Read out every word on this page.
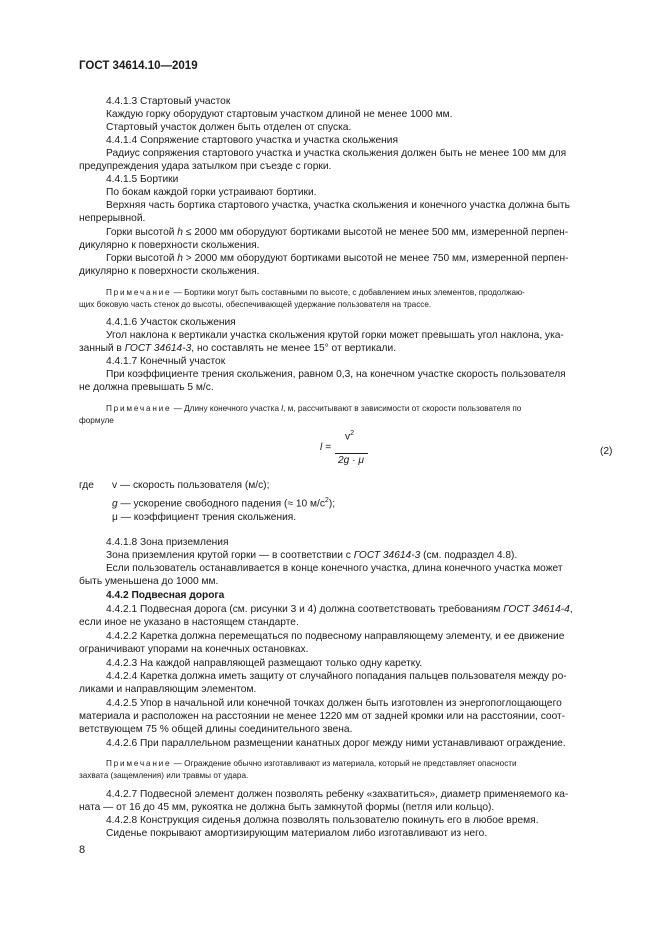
ГОСТ 34614.10—2019
4.4.1.3 Стартовый участок
Каждую горку оборудуют стартовым участком длиной не менее 1000 мм.
Стартовый участок должен быть отделен от спуска.
4.4.1.4 Сопряжение стартового участка и участка скольжения
Радиус сопряжения стартового участка и участка скольжения должен быть не менее 100 мм для
предупреждения удара затылком при съезде с горки.
4.4.1.5 Бортики
По бокам каждой горки устраивают бортики.
Верхняя часть бортика стартового участка, участка скольжения и конечного участка должна быть
непрерывной.
Горки высотой h ≤ 2000 мм оборудуют бортиками высотой не менее 500 мм, измеренной перпен-
дикулярно к поверхности скольжения.
Горки высотой h > 2000 мм оборудуют бортиками высотой не менее 750 мм, измеренной перпен-
дикулярно к поверхности скольжения.
Примечание — Бортики могут быть составными по высоте, с добавлением иных элементов, продолжаю-
щих боковую часть стенок до высоты, обеспечивающей удержание пользователя на трассе.
4.4.1.6 Участок скольжения
Угол наклона к вертикали участка скольжения крутой горки может превышать угол наклона, ука-
занный в ГОСТ 34614-3, но составлять не менее 15° от вертикали.
4.4.1.7 Конечный участок
При коэффициенте трения скольжения, равном 0,3, на конечном участке скорость пользователя
не должна превышать 5 м/с.
Примечание — Длину конечного участка l, м, рассчитывают в зависимости от скорости пользователя по
формуле
l =
$v^2$
2g · μ
(2)
где v — скорость пользователя (м/с);
g — ускорение свободного падения (≈ 10 $м/с^2$);
μ — коэффициент трения скольжения.
4.4.1.8 Зона приземления
Зона приземления крутой горки — в соответствии с ГОСТ 34614-3 (см. подраздел 4.8).
Если пользователь останавливается в конце конечного участка, длина конечного участка может
быть уменьшена до 1000 мм.
4.4.2 Подвесная дорога
4.4.2.1 Подвесная дорога (см. рисунки 3 и 4) должна соответствовать требованиям ГОСТ 34614-4,
если иное не указано в настоящем стандарте.
4.4.2.2 Каретка должна перемещаться по подвесному направляющему элементу, и ее движение
ограничивают упорами на конечных остановках.
4.4.2.3 На каждой направляющей размещают только одну каретку.
4.4.2.4 Каретка должна иметь защиту от случайного попадания пальцев пользователя между ро-
ликами и направляющим элементом.
4.4.2.5 Упор в начальной или конечной точках должен быть изготовлен из энергопоглощающего
материала и расположен на расстоянии не менее 1220 мм от задней кромки или на расстоянии, соот-
ветствующем 75 % общей длины соединительного звена.
4.4.2.6 При параллельном размещении канатных дорог между ними устанавливают ограждение.
Примечание — Ограждение обычно изготавливают из материала, который не представляет опасности
захвата (защемления) или травмы от удара.
4.4.2.7 Подвесной элемент должен позволять ребенку «захватиться», диаметр применяемого ка-
ната — от 16 до 45 мм, рукоятка не должна быть замкнутой формы (петля или кольцо).
4.4.2.8 Конструкция сиденья должна позволять пользователю покинуть его в любое время.
Сиденье покрывают амортизирующим материалом либо изготавливают из него.
8
